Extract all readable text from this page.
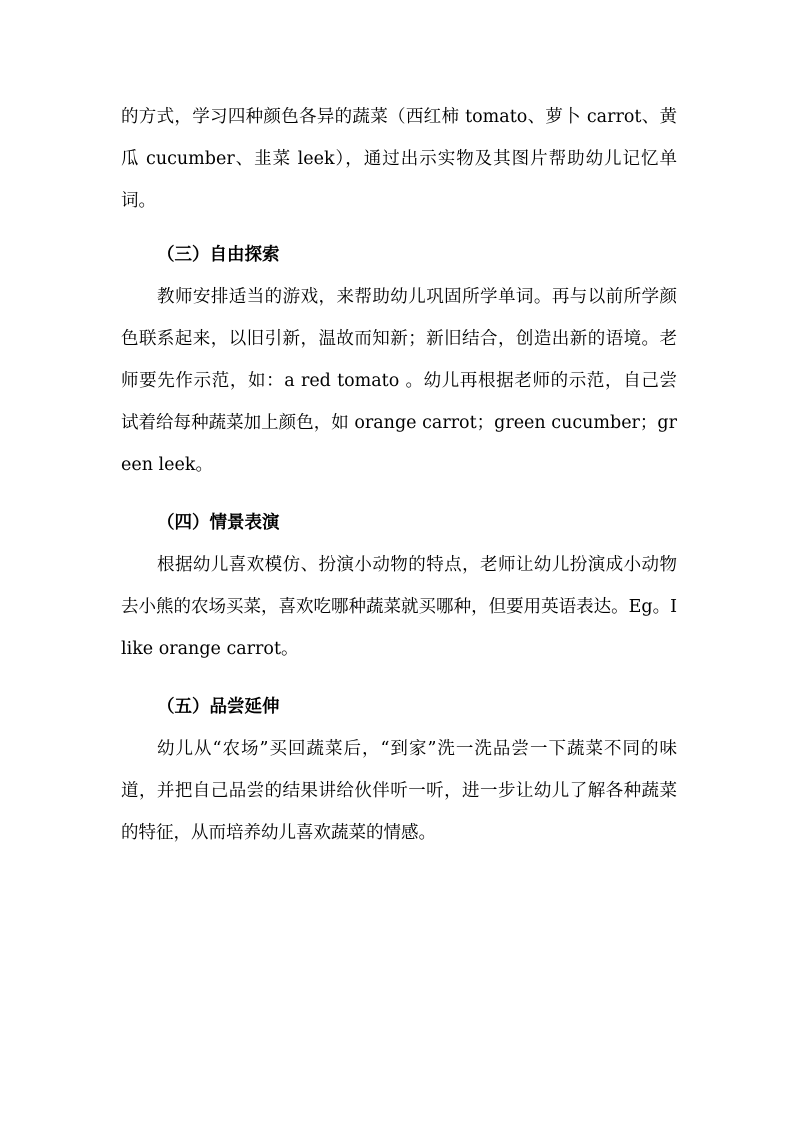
的方式，学习四种颜色各异的蔬菜（西红柿 tomato、萝卜 carrot、黄瓜 cucumber、韭菜 leek），通过出示实物及其图片帮助幼儿记忆单词。

（三）自由探索

教师安排适当的游戏，来帮助幼儿巩固所学单词。再与以前所学颜色联系起来，以旧引新，温故而知新；新旧结合，创造出新的语境。老师要先作示范，如：a red tomato 。幼儿再根据老师的示范，自己尝试着给每种蔬菜加上颜色，如 orange carrot；green cucumber；green leek。

（四）情景表演

根据幼儿喜欢模仿、扮演小动物的特点，老师让幼儿扮演成小动物去小熊的农场买菜，喜欢吃哪种蔬菜就买哪种，但要用英语表达。Eg。I like orange carrot。

（五）品尝延伸

幼儿从“农场”买回蔬菜后，“到家”洗一洗品尝一下蔬菜不同的味道，并把自己品尝的结果讲给伙伴听一听，进一步让幼儿了解各种蔬菜的特征，从而培养幼儿喜欢蔬菜的情感。
